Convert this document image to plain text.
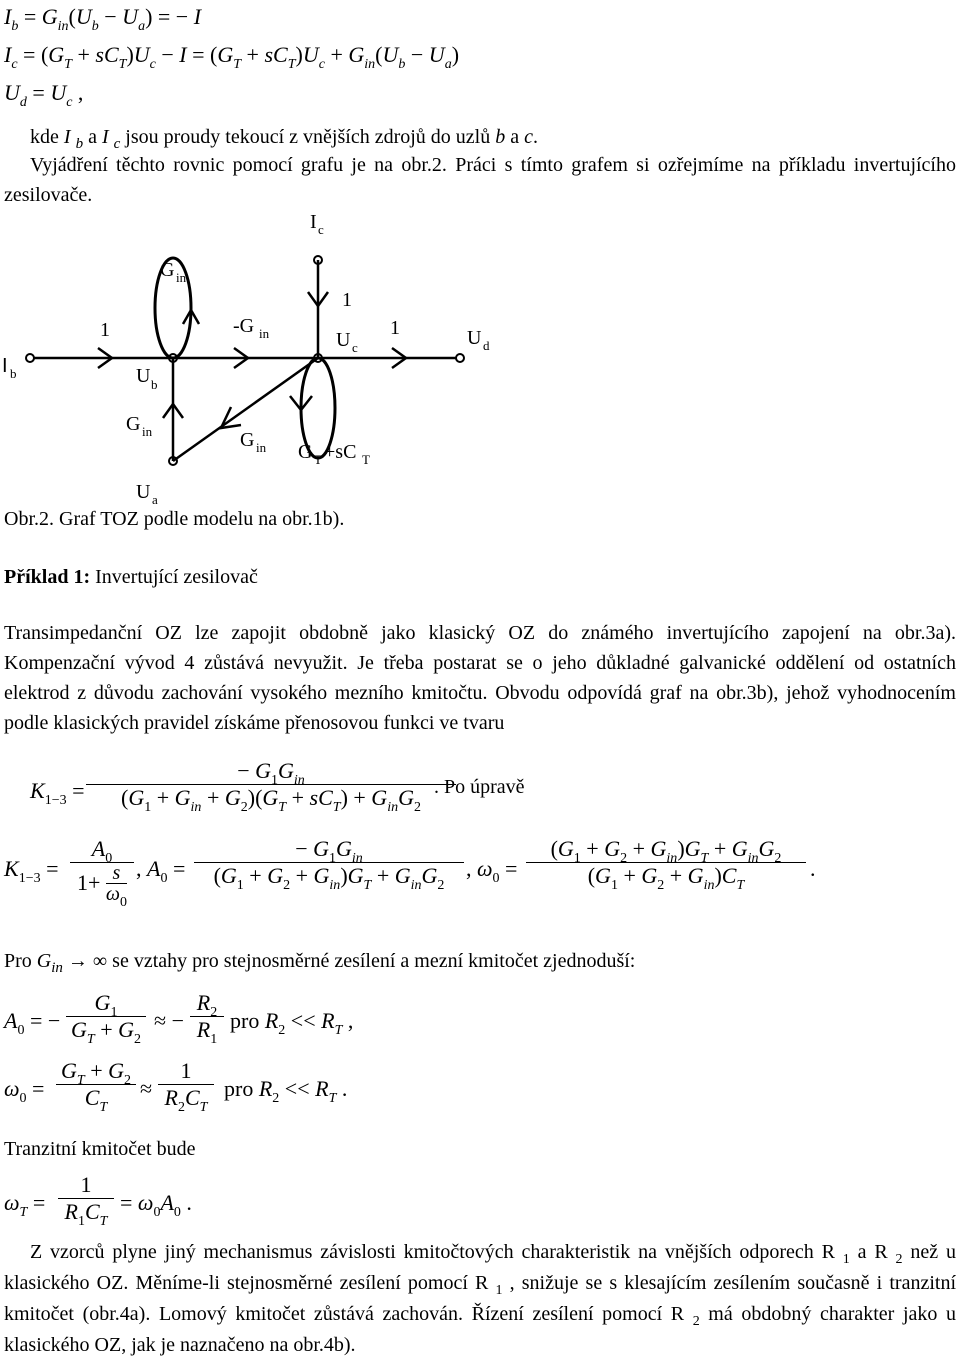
$I_b = G_{in}(U_b - U_a)$ = − I
$I_c = (G_T + sC_T)U_c - I = (G_T + sC_T)U_c + G_{in}(U_b - U_a)$
$U_d = U_c$ ,
kde I $_b$ a I $_c$ jsou proudy tekoucí z vnějších zdrojů do uzlů b a c.
Vyjádření těchto rovnic pomocí grafu je na obr.2. Práci s tímto grafem si ozřejmíme na příkladu invertujícího zesilovače.
I b
I c
1
U b
G in
-G in
1
U c
1	U d
G in	G in G T +sC T
U a
Obr.2. Graf TOZ podle modelu na obr.1b).
Příklad 1: Invertující zesilovač
Transimpedanční OZ lze zapojit obdobně jako klasický OZ do známého invertujícího zapojení na obr.3a). Kompenzační vývod 4 zůstává nevyužit. Je třeba postarat se o jeho důkladné galvanické oddělení od ostatních elektrod z důvodu zachování vysokého mezního kmitočtu. Obvodu odpovídá graf na obr.3b), jehož vyhodnocením podle klasických pravidel získáme přenosovou funkci ve tvaru
$K_{1-3}$ =
− $G_1G_{in}$
$(G_1 + G_{in} + G_2)(G_T + sC_T) + G_{in}G_2$
. Po úpravě
$K_{1-3}$ =
$A_0$
$1+ \frac{s}{\omega_0}$ , $A_0$ =
− $G_1G_{in}$
$(G_1 + G_2 + G_{in})G_T + G_{in}G_2$
, $\omega_0$ =
$(G_1 + G_2 + G_{in})G_T + G_{in}G_2$
$(G_1 + G_2 + G_{in})C_T$
.
Pro $G_{in}$ → ∞ se vztahy pro stejnosměrné zesílení a mezní kmitočet zjednoduší:
$A_0$ = −
$G_1$
$G_T + G_2$
≈ −
$R_2$
$R_1$
pro $R_2 << R_T$ ,
$\omega_0$ =
$G_T + G_2$
$C_T$
≈
1
$R_2C_T$
pro $R_2 << R_T$ .
Tranzitní kmitočet bude
$\omega_T$ =
1
$R_1C_T$
= $\omega_0A_0$ .
Z vzorců plyne jiný mechanismus závislosti kmitočtových charakteristik na vnějších odporech R $_1$ a R $_2$ než u klasického OZ. Měníme-li stejnosměrné zesílení pomocí R $_1$ , snižuje se s klesajícím zesílením současně i tranzitní kmitočet (obr.4a). Lomový kmitočet zůstává zachován. Řízení zesílení pomocí R $_2$ má obdobný charakter jako u klasického OZ, jak je naznačeno na obr.4b).
